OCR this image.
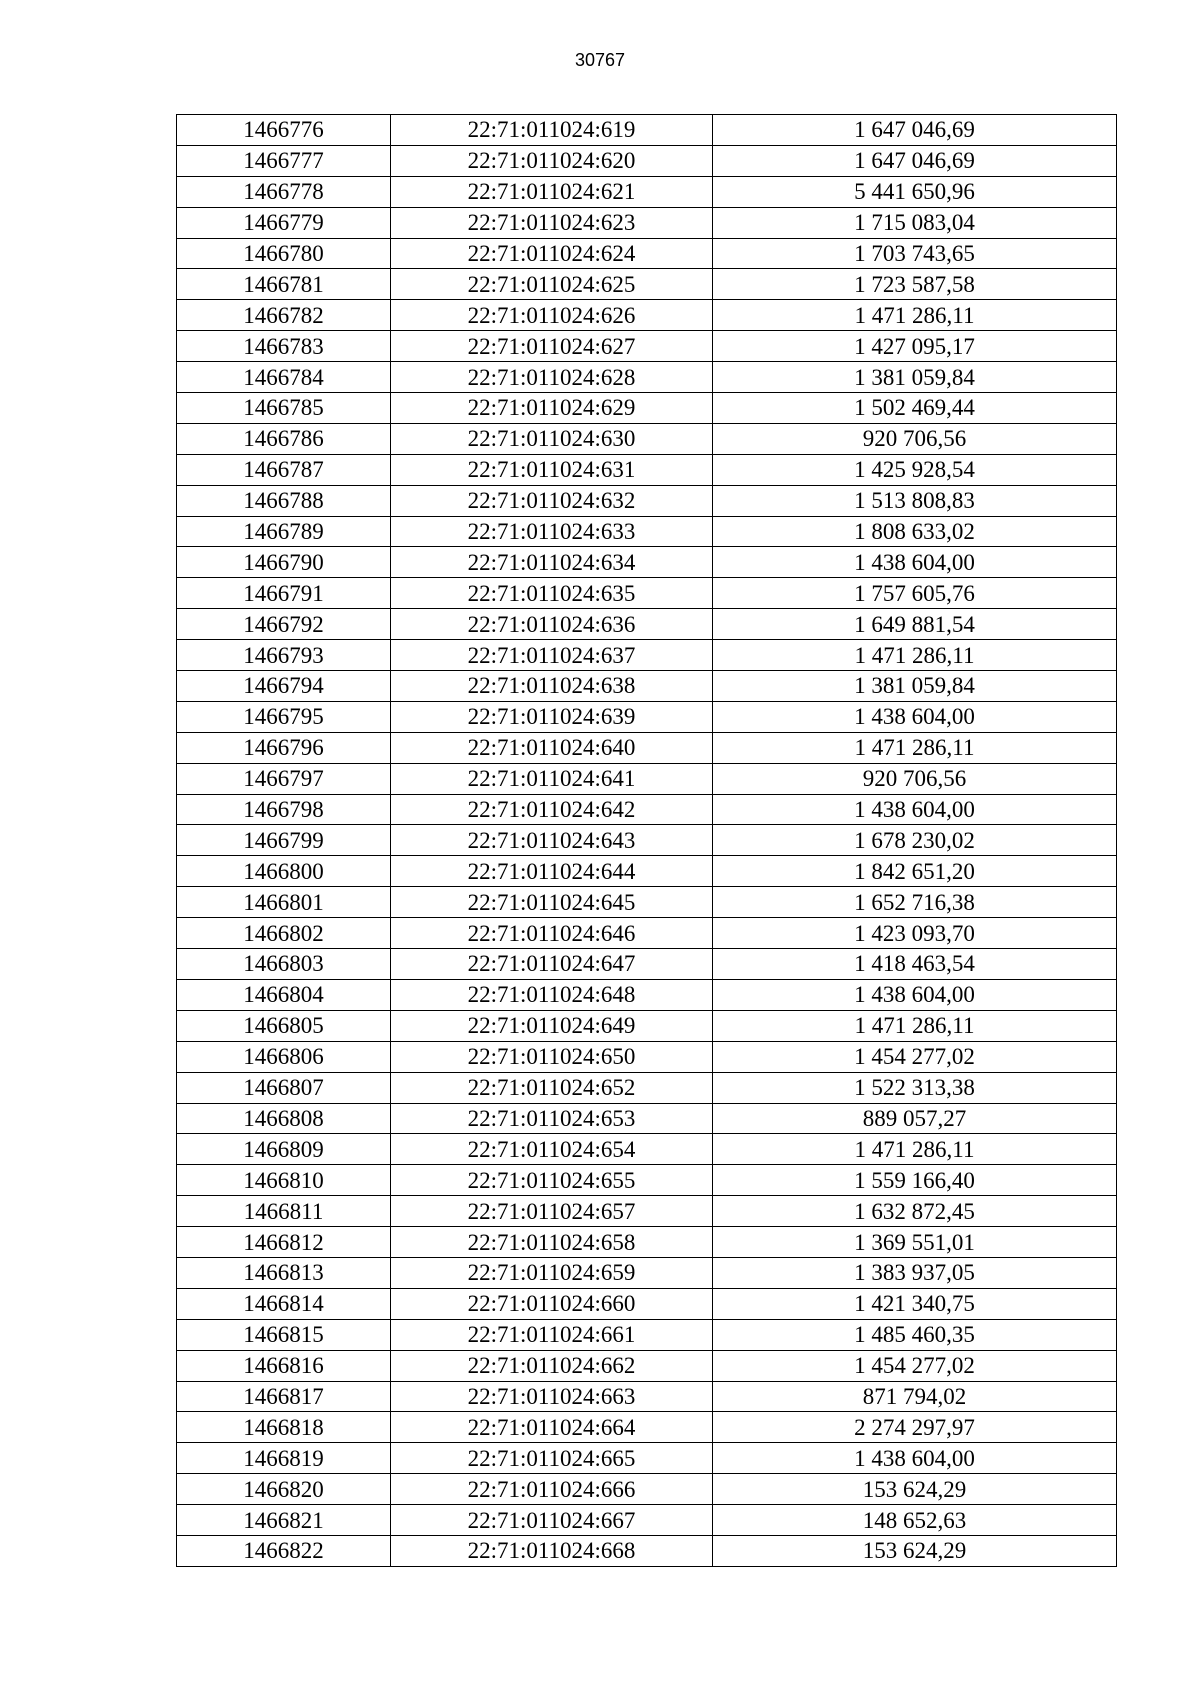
30767
1466776	22:71:011024:619	1 647 046,69
1466777	22:71:011024:620	1 647 046,69
1466778	22:71:011024:621	5 441 650,96
1466779	22:71:011024:623	1 715 083,04
1466780	22:71:011024:624	1 703 743,65
1466781	22:71:011024:625	1 723 587,58
1466782	22:71:011024:626	1 471 286,11
1466783	22:71:011024:627	1 427 095,17
1466784	22:71:011024:628	1 381 059,84
1466785	22:71:011024:629	1 502 469,44
1466786	22:71:011024:630	920 706,56
1466787	22:71:011024:631	1 425 928,54
1466788	22:71:011024:632	1 513 808,83
1466789	22:71:011024:633	1 808 633,02
1466790	22:71:011024:634	1 438 604,00
1466791	22:71:011024:635	1 757 605,76
1466792	22:71:011024:636	1 649 881,54
1466793	22:71:011024:637	1 471 286,11
1466794	22:71:011024:638	1 381 059,84
1466795	22:71:011024:639	1 438 604,00
1466796	22:71:011024:640	1 471 286,11
1466797	22:71:011024:641	920 706,56
1466798	22:71:011024:642	1 438 604,00
1466799	22:71:011024:643	1 678 230,02
1466800	22:71:011024:644	1 842 651,20
1466801	22:71:011024:645	1 652 716,38
1466802	22:71:011024:646	1 423 093,70
1466803	22:71:011024:647	1 418 463,54
1466804	22:71:011024:648	1 438 604,00
1466805	22:71:011024:649	1 471 286,11
1466806	22:71:011024:650	1 454 277,02
1466807	22:71:011024:652	1 522 313,38
1466808	22:71:011024:653	889 057,27
1466809	22:71:011024:654	1 471 286,11
1466810	22:71:011024:655	1 559 166,40
1466811	22:71:011024:657	1 632 872,45
1466812	22:71:011024:658	1 369 551,01
1466813	22:71:011024:659	1 383 937,05
1466814	22:71:011024:660	1 421 340,75
1466815	22:71:011024:661	1 485 460,35
1466816	22:71:011024:662	1 454 277,02
1466817	22:71:011024:663	871 794,02
1466818	22:71:011024:664	2 274 297,97
1466819	22:71:011024:665	1 438 604,00
1466820	22:71:011024:666	153 624,29
1466821	22:71:011024:667	148 652,63
1466822	22:71:011024:668	153 624,29
